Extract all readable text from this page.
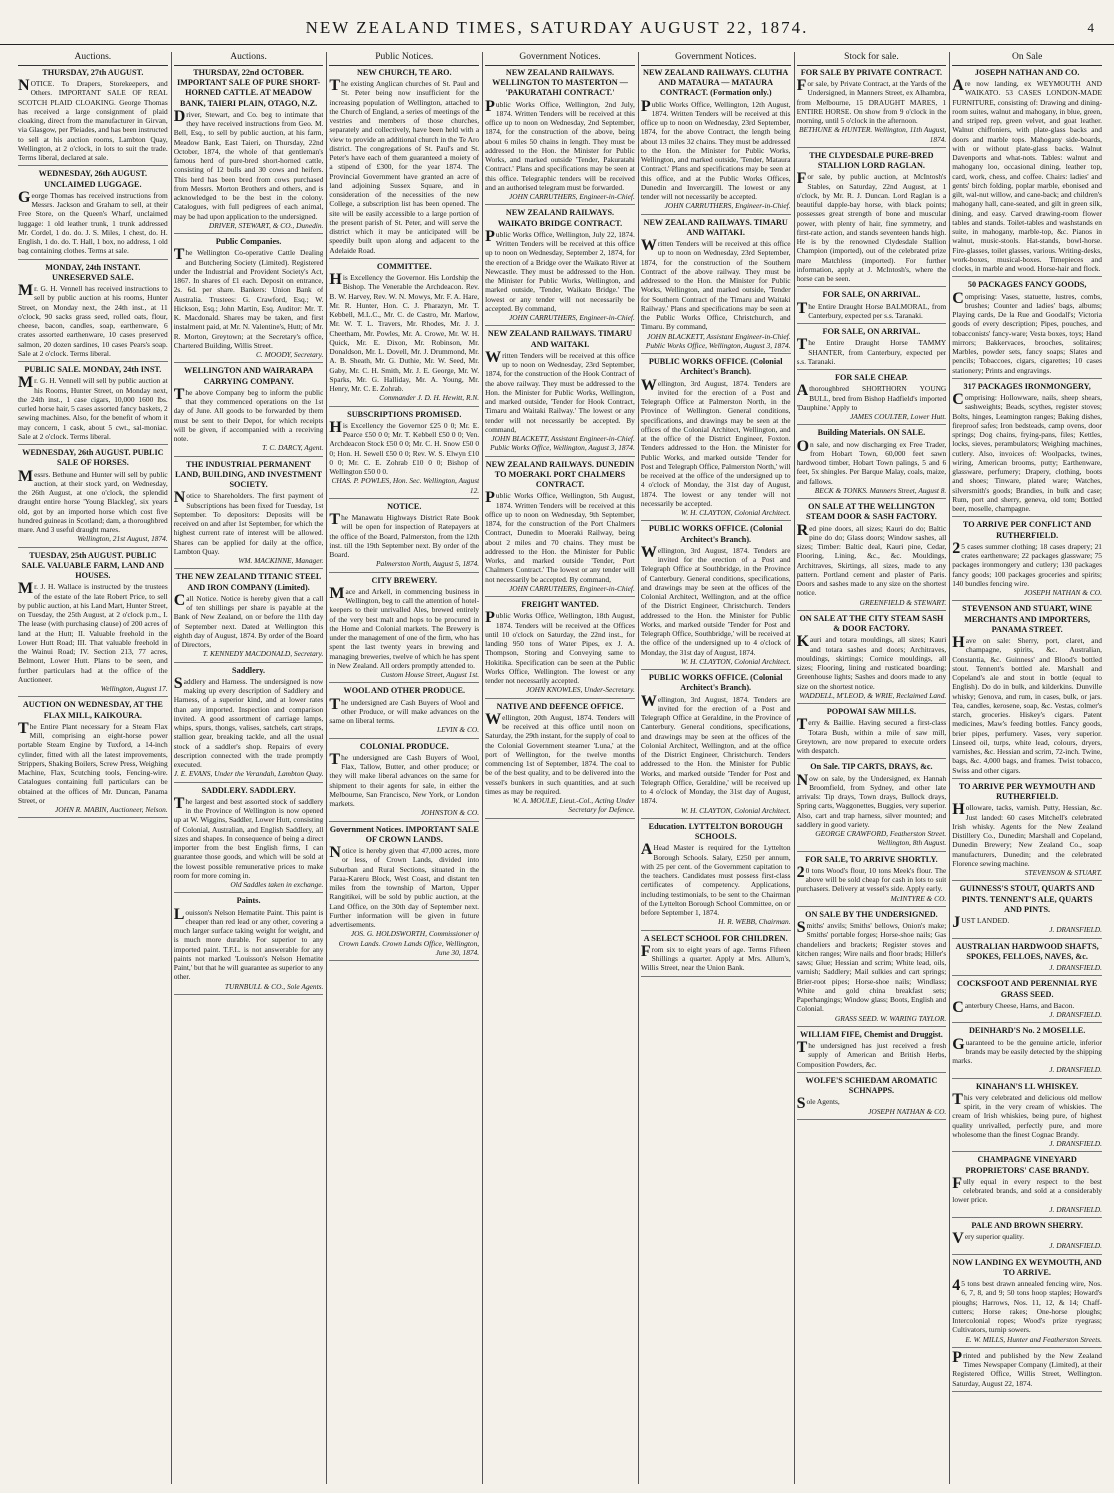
NEW ZEALAND TIMES, SATURDAY AUGUST 22, 1874.	4
Auctions.
THURSDAY, 27th AUGUST.
NOTICE. To Drapers, Storekeepers, and Others. IMPORTANT SALE OF REAL SCOTCH PLAID CLOAKING. George Thomas has received a large consignment of plaid cloaking, direct from the manufacturer in Girvan, via Glasgow, per Pleiades, and has been instructed to sell at his auction rooms, Lambton Quay, Wellington, at 2 o'clock, in lots to suit the trade. Terms liberal, declared at sale.
WEDNESDAY, 26th AUGUST. UNCLAIMED LUGGAGE.
George Thomas has received instructions from Messrs. Jackson and Graham to sell, at their Free Store, on the Queen's Wharf, unclaimed luggage: 1 old leather trunk, 1 trunk addressed Mr. Cordel, 1 do. do. J. S. Miles, 1 chest, do. H. English, 1 do. do. T. Hall, 1 box, no address, 1 old bag containing clothes. Terms at sale.
MONDAY, 24th INSTANT. UNRESERVED SALE.
Mr. G. H. Vennell has received instructions to sell by public auction at his rooms, Hunter Street, on Monday next, the 24th inst., at 11 o'clock, 90 sacks grass seed, rolled oats, flour, cheese, bacon, candles, soap, earthenware, 6 crates assorted earthenware, 10 cases preserved salmon, 20 dozen sardines, 10 cases Pears's soap. Sale at 2 o'clock. Terms liberal.
PUBLIC SALE. MONDAY, 24th INST.
Mr. G. H. Vennell will sell by public auction at his Rooms, Hunter Street, on Monday next, the 24th inst., 1 case cigars, 10,000 1600 lbs. curled horse hair, 5 cases assorted fancy baskets, 2 sewing machines. Also, for the benefit of whom it may concern, 1 cask, about 5 cwt., sal-moniac. Sale at 2 o'clock. Terms liberal.
WEDNESDAY, 26th AUGUST. PUBLIC SALE OF HORSES.
Messrs. Bethune and Hunter will sell by public auction, at their stock yard, on Wednesday, the 26th August, at one o'clock, the splendid draught entire horse 'Young Blackleg', six years old, got by an imported horse which cost five hundred guineas in Scotland; dam, a thoroughbred mare. And 3 useful draught mares.
Wellington, 21st August, 1874.
TUESDAY, 25th AUGUST. PUBLIC SALE. VALUABLE FARM, LAND AND HOUSES.
Mr. J. H. Wallace is instructed by the trustees of the estate of the late Robert Price, to sell by public auction, at his Land Mart, Hunter Street, on Tuesday, the 25th August, at 2 o'clock p.m., I. The lease (with purchasing clause) of 200 acres of land at the Hutt; II. Valuable freehold in the Lower Hutt Road; III. That valuable freehold in the Wainui Road; IV. Section 213, 77 acres, Belmont, Lower Hutt. Plans to be seen, and further particulars had at the office of the Auctioneer.
Wellington, August 17.
AUCTION ON WEDNESDAY, AT THE FLAX MILL, KAIKOURA.
The Entire Plant necessary for a Steam Flax Mill, comprising an eight-horse power portable Steam Engine by Tuxford, a 14-inch cylinder, fitted with all the latest improvements, Strippers, Shaking Boilers, Screw Press, Weighing Machine, Flax, Scutching tools, Fencing-wire. Catalogues containing full particulars can be obtained at the offices of Mr. Duncan, Panama Street, or
JOHN R. MABIN, Auctioneer, Nelson.
Auctions.
THURSDAY, 22nd OCTOBER. IMPORTANT SALE OF PURE SHORT-HORNED CATTLE. AT MEADOW BANK, TAIERI PLAIN, OTAGO, N.Z.
Driver, Stewart, and Co. beg to intimate that they have received instructions from Geo. M. Bell, Esq., to sell by public auction, at his farm, Meadow Bank, East Taieri, on Thursday, 22nd October, 1874, the whole of that gentleman's famous herd of pure-bred short-horned cattle, consisting of 12 bulls and 30 cows and heifers. This herd has been bred from cows purchased from Messrs. Morton Brothers and others, and is acknowledged to be the best in the colony. Catalogues, with full pedigrees of each animal, may be had upon application to the undersigned.
DRIVER, STEWART, & CO., Dunedin.
Public Companies.
The Wellington Co-operative Cattle Dealing and Butchering Society (Limited). Registered under the Industrial and Provident Society's Act, 1867. In shares of £1 each. Deposit on entrance, 2s. 6d. per share. Bankers: Union Bank of Australia. Trustees: G. Crawford, Esq.; W. Hickson, Esq.; John Martin, Esq. Auditor: Mr. T. K. Macdonald. Shares may be taken, and first instalment paid, at Mr. N. Valentine's, Hutt; of Mr. R. Morton, Greytown; at the Secretary's office, Chartered Building, Willis Street.
C. MOODY, Secretary.
WELLINGTON AND WAIRARAPA CARRYING COMPANY.
The above Company beg to inform the public that they commenced operations on the 1st day of June. All goods to be forwarded by them must be sent to their Depot, for which receipts will be given, if accompanied with a receiving note.
T. C. DARCY, Agent.
THE INDUSTRIAL PERMANENT LAND, BUILDING, AND INVESTMENT SOCIETY.
Notice to Shareholders. The first payment of Subscriptions has been fixed for Tuesday, 1st September. To depositors: Deposits will be received on and after 1st September, for which the highest current rate of interest will be allowed. Shares can be applied for daily at the office, Lambton Quay.
WM. MACKINNE, Manager.
THE NEW ZEALAND TITANIC STEEL AND IRON COMPANY (Limited).
Call Notice. Notice is hereby given that a call of ten shillings per share is payable at the Bank of New Zealand, on or before the 11th day of September next. Dated at Wellington this eighth day of August, 1874. By order of the Board of Directors,
T. KENNEDY MACDONALD, Secretary.
Saddlery.
Saddlery and Harness. The undersigned is now making up every description of Saddlery and Harness, of a superior kind, and at lower rates than any imported. Inspection and comparison invited. A good assortment of carriage lamps, whips, spurs, thongs, valises, satchels, cart straps, stallion gear, breaking tackle, and all the usual stock of a saddler's shop. Repairs of every description connected with the trade promptly executed.
J. E. EVANS, Under the Verandah, Lambton Quay.
SADDLERY. SADDLERY.
The largest and best assorted stock of saddlery in the Province of Wellington is now opened up at W. Wiggins, Saddler, Lower Hutt, consisting of Colonial, Australian, and English Saddlery, all sizes and shapes. In consequence of being a direct importer from the best English firms, I can guarantee those goods, and which will be sold at the lowest possible remunerative prices to make room for more coming in.
Old Saddles taken in exchange.
Paints.
Louisson's Nelson Hematite Paint. This paint is cheaper than red lead or any other, covering a much larger surface taking weight for weight, and is much more durable. For superior to any imported paint. T.F.L. is not answerable for any paints not marked 'Louisson's Nelson Hematite Paint,' but that he will guarantee as superior to any other.
TURNBULL & CO., Sole Agents.
Public Notices.
NEW CHURCH, TE ARO.
The existing Anglican churches of St. Paul and St. Peter being now insufficient for the increasing population of Wellington, attached to the Church of England, a series of meetings of the vestries and members of those churches, separately and collectively, have been held with a view to provide an additional church in the Te Aro district. The congregations of St. Paul's and St. Peter's have each of them guaranteed a moiety of a stipend of £300, for the year 1874. The Provincial Government have granted an acre of land adjoining Sussex Square, and in consideration of the necessities of the new College, a subscription list has been opened. The site will be easily accessible to a large portion of the present parish of St. Peter, and will serve the district which it may be anticipated will be speedily built upon along and adjacent to the Adelaide Road.
COMMITTEE.
His Excellency the Governor. His Lordship the Bishop. The Venerable the Archdeacon. Rev. B. W. Harvey, Rev. W. N. Mowys, Mr. F. A. Hare, Mr. R. Hunter, Hon. C. J. Pharazyn, Mr. T. Kebbell, M.L.C., Mr. C. de Castro, Mr. Marlow, Mr. W. T. L. Travers, Mr. Rhodes, Mr. J. J. Cheetham, Mr. Powles, Mr. A. Crowe, Mr. W. H. Quick, Mr. E. Dixon, Mr. Robinson, Mr. Donaldson, Mr. L. Dovell, Mr. J. Drummond, Mr. A. B. Sheath, Mr. G. Duthie, Mr. W. Seed, Mr. Gaby, Mr. C. H. Smith, Mr. J. E. George, Mr. W. Sparks, Mr. G. Halliday, Mr. A. Young, Mr. Henry, Mr. C. E. Zohrab.
Commander J. D. H. Hewitt, R.N.
SUBSCRIPTIONS PROMISED.
His Excellency the Governor £25 0 0; Mr. E. Pearce £50 0 0; Mr. T. Kebbell £50 0 0; Ven. Archdeacon Stock £50 0 0; Mr. C. H. Snow £50 0 0; Hon. H. Sewell £50 0 0; Rev. W. S. Elwyn £10 0 0; Mr. C. E. Zohrab £10 0 0; Bishop of Wellington £50 0 0.
CHAS. P. POWLES, Hon. Sec. Wellington, August 12.
NOTICE.
The Manawatu Highways District Rate Book will be open for inspection of Ratepayers at the office of the Board, Palmerston, from the 12th inst. till the 19th September next. By order of the Board.
Palmerston North, August 5, 1874.
CITY BREWERY.
Mace and Arkell, in commencing business in Wellington, beg to call the attention of hotel-keepers to their unrivalled Ales, brewed entirely of the very best malt and hops to be procured in the Home and Colonial markets. The Brewery is under the management of one of the firm, who has spent the last twenty years in brewing and managing breweries, twelve of which he has spent in New Zealand. All orders promptly attended to.
Custom House Street, August 1st.
WOOL AND OTHER PRODUCE.
The undersigned are Cash Buyers of Wool and other Produce, or will make advances on the same on liberal terms.
LEVIN & CO.
COLONIAL PRODUCE.
The undersigned are Cash Buyers of Wool, Flax, Tallow, Butter, and other produce; or they will make liberal advances on the same for shipment to their agents for sale, in either the Melbourne, San Francisco, New York, or London markets.
JOHNSTON & CO.
Government Notices. IMPORTANT SALE OF CROWN LANDS.
Notice is hereby given that 47,000 acres, more or less, of Crown Lands, divided into Suburban and Rural Sections, situated in the Paraa-Kareru Block, West Coast, and distant ten miles from the township of Marton, Upper Rangitikei, will be sold by public auction, at the Land Office, on the 30th day of September next. Further information will be given in future advertisements.
JOS. G. HOLDSWORTH, Commissioner of Crown Lands. Crown Lands Office, Wellington, June 30, 1874.
Government Notices.
NEW ZEALAND RAILWAYS. WELLINGTON TO MASTERTON — 'PAKURATAHI CONTRACT.'
Public Works Office, Wellington, 2nd July, 1874. Written Tenders will be received at this office up to noon on Wednesday, 2nd September, 1874, for the construction of the above, being about 6 miles 50 chains in length. They must be addressed to the Hon. the Minister for Public Works, and marked outside 'Tender, Pakuratahi Contract.' Plans and specifications may be seen at this office. Telegraphic tenders will be received and an authorised telegram must be forwarded.
JOHN CARRUTHERS, Engineer-in-Chief.
NEW ZEALAND RAILWAYS. WAIKATO BRIDGE CONTRACT.
Public Works Office, Wellington, July 22, 1874. Written Tenders will be received at this office up to noon on Wednesday, September 2, 1874, for the erection of a Bridge over the Waikato River at Newcastle. They must be addressed to the Hon. the Minister for Public Works, Wellington, and marked outside, 'Tender, Waikato Bridge.' The lowest or any tender will not necessarily be accepted. By command,
JOHN CARRUTHERS, Engineer-in-Chief.
NEW ZEALAND RAILWAYS. TIMARU AND WAITAKI.
Written Tenders will be received at this office up to noon on Wednesday, 23rd September, 1874, for the construction of the Hook Contract of the above railway. They must be addressed to the Hon. the Minister for Public Works, Wellington, and marked outside, 'Tender for Hook Contract, Timaru and Waitaki Railway.' The lowest or any tender will not necessarily be accepted. By command,
JOHN BLACKETT, Assistant Engineer-in-Chief. Public Works Office, Wellington, August 3, 1874.
NEW ZEALAND RAILWAYS. DUNEDIN TO MOERAKI. PORT CHALMERS CONTRACT.
Public Works Office, Wellington, 5th August, 1874. Written Tenders will be received at this office up to noon on Wednesday, 9th September, 1874, for the construction of the Port Chalmers Contract, Dunedin to Moeraki Railway, being about 2 miles and 70 chains. They must be addressed to the Hon. the Minister for Public Works, and marked outside 'Tender, Port Chalmers Contract.' The lowest or any tender will not necessarily be accepted. By command,
JOHN CARRUTHERS, Engineer-in-Chief.
FREIGHT WANTED.
Public Works Office, Wellington, 18th August, 1874. Tenders will be received at the Offices until 10 o'clock on Saturday, the 22nd inst., for landing 950 tons of Water Pipes, ex J. A. Thompson, Storing and Conveying same to Hokitika. Specification can be seen at the Public Works Office, Wellington. The lowest or any tender not necessarily accepted.
JOHN KNOWLES, Under-Secretary.
NATIVE AND DEFENCE OFFICE.
Wellington, 20th August, 1874. Tenders will be received at this office until noon on Saturday, the 29th instant, for the supply of coal to the Colonial Government steamer 'Luna,' at the port of Wellington, for the twelve months commencing 1st of September, 1874. The coal to be of the best quality, and to be delivered into the vessel's bunkers in such quantities, and at such times as may be required.
W. A. MOULE, Lieut.-Col., Acting Under Secretary for Defence.
Government Notices.
NEW ZEALAND RAILWAYS. CLUTHA AND MATAURA — MATAURA CONTRACT. (Formation only.)
Public Works Office, Wellington, 12th August, 1874. Written Tenders will be received at this office up to noon on Wednesday, 23rd September, 1874, for the above Contract, the length being about 13 miles 32 chains. They must be addressed to the Hon. the Minister for Public Works, Wellington, and marked outside, 'Tender, Mataura Contract.' Plans and specifications may be seen at this office, and at the Public Works Offices, Dunedin and Invercargill. The lowest or any tender will not necessarily be accepted.
JOHN CARRUTHERS, Engineer-in-Chief.
NEW ZEALAND RAILWAYS. TIMARU AND WAITAKI.
Written Tenders will be received at this office up to noon on Wednesday, 23rd September, 1874, for the construction of the Southern Contract of the above railway. They must be addressed to the Hon. the Minister for Public Works, Wellington, and marked outside, 'Tender for Southern Contract of the Timaru and Waitaki Railway.' Plans and specifications may be seen at the Public Works Office, Christchurch, and Timaru. By command,
JOHN BLACKETT, Assistant Engineer-in-Chief. Public Works Office, Wellington, August 3, 1874.
PUBLIC WORKS OFFICE. (Colonial Architect's Branch).
Wellington, 3rd August, 1874. Tenders are invited for the erection of a Post and Telegraph Office at Palmerston North, in the Province of Wellington. General conditions, specifications, and drawings may be seen at the offices of the Colonial Architect, Wellington, and at the office of the District Engineer, Foxton. Tenders addressed to the Hon. the Minister for Public Works, and marked outside 'Tender for Post and Telegraph Office, Palmerston North,' will be received at the office of the undersigned up to 4 o'clock of Monday, the 31st day of August, 1874. The lowest or any tender will not necessarily be accepted.
W. H. CLAYTON, Colonial Architect.
PUBLIC WORKS OFFICE. (Colonial Architect's Branch).
Wellington, 3rd August, 1874. Tenders are invited for the erection of a Post and Telegraph Office at Southbridge, in the Province of Canterbury. General conditions, specifications, and drawings may be seen at the offices of the Colonial Architect, Wellington, and at the office of the District Engineer, Christchurch. Tenders addressed to the Hon. the Minister for Public Works, and marked outside 'Tender for Post and Telegraph Office, Southbridge,' will be received at the office of the undersigned up to 4 o'clock of Monday, the 31st day of August, 1874.
W. H. CLAYTON, Colonial Architect.
PUBLIC WORKS OFFICE. (Colonial Architect's Branch).
Wellington, 3rd August, 1874. Tenders are invited for the erection of a Post and Telegraph Office at Geraldine, in the Province of Canterbury. General conditions, specifications, and drawings may be seen at the offices of the Colonial Architect, Wellington, and at the office of the District Engineer, Christchurch. Tenders addressed to the Hon. the Minister for Public Works, and marked outside 'Tender for Post and Telegraph Office, Geraldine,' will be received up to 4 o'clock of Monday, the 31st day of August, 1874.
W. H. CLAYTON, Colonial Architect.
Education. LYTTELTON BOROUGH SCHOOLS.
AHead Master is required for the Lyttelton Borough Schools. Salary, £250 per annum, with 25 per cent. of the Government capitation to the teachers. Candidates must possess first-class certificates of competency. Applications, including testimonials, to be sent to the Chairman of the Lyttelton Borough School Committee, on or before September 1, 1874.
H. R. WEBB, Chairman.
A SELECT SCHOOL FOR CHILDREN.
From six to eight years of age. Terms Fifteen Shillings a quarter. Apply at Mrs. Allum's, Willis Street, near the Union Bank.
Stock for sale.
FOR SALE BY PRIVATE CONTRACT.
For sale, by Private Contract, at the Yards of the Undersigned, in Manners Street, ex Alhambra, from Melbourne, 15 DRAUGHT MARES, 1 ENTIRE HORSE. On show from 9 o'clock in the morning, until 5 o'clock in the afternoon.
BETHUNE & HUNTER. Wellington, 11th August, 1874.
THE CLYDESDALE PURE-BRED STALLION LORD RAGLAN.
For sale, by public auction, at McIntosh's Stables, on Saturday, 22nd August, at 1 o'clock, by Mr. R. J. Duncan. Lord Raglan is a beautiful dapple-bay horse, with black points; possesses great strength of bone and muscular power, with plenty of hair, fine symmetry, and first-rate action, and stands seventeen hands high. He is by the renowned Clydesdale Stallion Champion (imported), out of the celebrated prize mare Matchless (imported). For further information, apply at J. McIntosh's, where the horse can be seen.
FOR SALE, ON ARRIVAL.
The Entire Draught Horse BALMORAL, from Canterbury, expected per s.s. Taranaki.
FOR SALE, ON ARRIVAL.
The Entire Draught Horse TAMMY SHANTER, from Canterbury, expected per s.s. Taranaki.
FOR SALE CHEAP.
Athoroughbred SHORTHORN YOUNG BULL, bred from Bishop Hadfield's imported 'Dauphine.' Apply to
JAMES COULTER, Lower Hutt.
Building Materials. ON SALE.
On sale, and now discharging ex Free Trader, from Hobart Town, 60,000 feet sawn hardwood timber, Hobart Town palings, 5 and 6 feet, 5x shingles. Per Barque Malay, coals, maize, and fallows.
BECK & TONKS. Manners Street, August 8.
ON SALE AT THE WELLINGTON STEAM DOOR & SASH FACTORY.
Red pine doors, all sizes; Kauri do do; Baltic pine do do; Glass doors; Window sashes, all sizes; Timber: Baltic deal, Kauri pine, Cedar, Flooring, Lining, &c., &c. Mouldings, Architraves, Skirtings, all sizes, made to any pattern. Portland cement and plaster of Paris. Doors and sashes made to any size on the shortest notice.
GREENFIELD & STEWART.
ON SALE AT THE CITY STEAM SASH & DOOR FACTORY.
Kauri and totara mouldings, all sizes; Kauri and totara sashes and doors; Architraves, mouldings, skirtings; Cornice mouldings, all sizes; Flooring, lining and rusticated boarding; Greenhouse lights; Sashes and doors made to any size on the shortest notice.
WADDELL, M'LEOD, & WRIE, Reclaimed Land.
POPOWAI SAW MILLS.
Terry & Baillie. Having secured a first-class Totara Bush, within a mile of saw mill, Greytown, are now prepared to execute orders with despatch.
On Sale. TIP CARTS, DRAYS, &c.
Now on sale, by the Undersigned, ex Hannah Broomfield, from Sydney, and other late arrivals: Tip drays, Town drays, Bullock drays, Spring carts, Waggonettes, Buggies, very superior. Also, cart and trap harness, silver mounted; and saddlery in good variety.
GEORGE CRAWFORD, Featherston Street. Wellington, 8th August.
FOR SALE, TO ARRIVE SHORTLY.
20 tons Wood's flour, 10 tons Meek's flour. The above will be sold cheap for cash in lots to suit purchasers. Delivery at vessel's side. Apply early.
McINTYRE & CO.
ON SALE BY THE UNDERSIGNED.
Smiths' anvils; Smiths' bellows, Onion's make; Smiths' portable forges; Horse-shoe nails; Gas chandeliers and brackets; Register stoves and kitchen ranges; Wire nails and floor brads; Hiller's saws; Glue; Hessian and scrim; White lead, oils, varnish; Saddlery; Mail sulkies and cart springs; Brier-root pipes; Horse-shoe nails; Windlass; White and gold china breakfast sets; Paperhangings; Window glass; Boots, English and Colonial.
GRASS SEED. W. WARING TAYLOR.
WILLIAM FIFE, Chemist and Druggist.
The undersigned has just received a fresh supply of American and British Herbs, Composition Powders, &c.
WOLFE'S SCHIEDAM AROMATIC SCHNAPPS.
Sole Agents,
JOSEPH NATHAN & CO.
On Sale
JOSEPH NATHAN AND CO.
Are now landing, ex WEYMOUTH AND WAIKATO. 53 CASES LONDON-MADE FURNITURE, consisting of: Drawing and dining-room suites, walnut and mahogany, in blue, green, and striped rep, green velvet, and goat leather. Walnut chiffoniers, with plate-glass backs and doors and marble tops. Mahogany side-boards, with or without plate-glass backs. Walnut Davenports and what-nots. Tables: walnut and mahogany loo, occasional dining, leather top, card, work, chess, and coffee. Chairs: ladies' and gents' birch folding, poplar marble, ebonised and gilt, wal-nut willow, and cane-back; and children's mahogany hall, cane-seated, and gilt in green silk, dining, and easy. Carved drawing-room flower tables and stands. Toilet-tables and washstands en suite, in mahogany, marble-top, &c. Pianos in walnut, music-stools. Hat-stands, bowl-horse. Fire-glasses, toilet glasses, various. Writing-desks, work-boxes, musical-boxes. Timepieces and clocks, in marble and wood. Horse-hair and flock.
50 PACKAGES FANCY GOODS,
Comprising: Vases, statuette, lustres, combs, brushes; Counter and ladies' bags, albums; Playing cards, De la Rue and Goodall's; Victoria goods of every description; Pipes, pouches, and tobacconists' fancy-ware; Vesta boxes, toys; Hand mirrors; Bakkervaces, brooches, solitaires; Marbles, powder sets, fancy soaps; Slates and pencils; Tobaccoes, cigars, cigarettes; 10 cases stationery; Prints and engravings.
317 PACKAGES IRONMONGERY,
Comprising: Hollowware, nails, sheep shears, sashweights; Beads, scythes, register stoves; Bolts, hinges, Leamington ranges; Baking dishes, fireproof safes; Iron bedsteads, camp ovens, door springs; Dog chains, frying-pans, files; Kettles, locks, sieves, perambulators; Weighing machines, cutlery. Also, invoices of: Woolpacks, twines, wiring, American brooms, putty; Earthenware, glassware, perfumery; Drapery, clothing, boots and shoes; Tinware, plated ware; Watches, silversmith's goods; Brandies, in bulk and case; Rum, port and sherry, geneva, old tom; Bottled beer, moselle, champagne.
TO ARRIVE PER CONFLICT AND RUTHERFIELD.
25 cases summer clothing; 18 cases drapery; 21 crates earthenware; 22 packages glassware; 75 packages ironmongery and cutlery; 130 packages fancy goods; 100 packages groceries and spirits; 140 bundles fencing wire.
JOSEPH NATHAN & CO.
STEVENSON AND STUART, WINE MERCHANTS AND IMPORTERS, PANAMA STREET.
Have on sale: Sherry, port, claret, and champagne, spirits, &c. Australian, Constantia, &c. Guinness' and Blood's bottled stout. Tennent's bottled ale. Marshall and Copeland's ale and stout in bottle (equal to English). Do do in bulk, and kilderkins. Dunville whisky; Genova, and rum, in cases, bulk, or jars. Tea, candles, kerosene, soap, &c. Vestas, colmer's starch, groceries. Hiskey's cigars. Patent medicines, Maw's feeding bottles. Fancy goods, brier pipes, perfumery. Vases, very superior. Linseed oil, turps, white lead, colours, dryers, varnishes, &c. Hessian and scrim, 72-inch. Twine, bags, &c. 4,000 bags, and frames. Twist tobacco, Swiss and other cigars.
TO ARRIVE PER WEYMOUTH AND RUTHERFIELD.
Holloware, tacks, varnish. Putty, Hessian, &c. Just landed: 60 cases Mitchell's celebrated Irish whisky. Agents for the New Zealand Distillery Co., Dunedin; Marshall and Copeland, Dunedin Brewery; New Zealand Co., soap manufacturers, Dunedin; and the celebrated Florence sewing machine.
STEVENSON & STUART.
GUINNESS'S STOUT, QUARTS AND PINTS. TENNENT'S ALE, QUARTS AND PINTS.
JUST LANDED.
J. DRANSFIELD.
AUSTRALIAN HARDWOOD SHAFTS, SPOKES, FELLOES, NAVES, &c.
J. DRANSFIELD.
COCKSFOOT AND PERENNIAL RYE GRASS SEED.
Canterbury Cheese, Hams, and Bacon.
J. DRANSFIELD.
DEINHARD'S No. 2 MOSELLE.
Guaranteed to be the genuine article, inferior brands may be easily detected by the shipping marks.
J. DRANSFIELD.
KINAHAN'S LL WHISKEY.
This very celebrated and delicious old mellow spirit, in the very cream of whiskies. The cream of Irish whiskies, being pure, of highest quality unrivalled, perfectly pure, and more wholesome than the finest Cognac Brandy.
J. DRANSFIELD.
CHAMPAGNE VINEYARD PROPRIETORS' CASE BRANDY.
Fully equal in every respect to the best celebrated brands, and sold at a considerably lower price.
J. DRANSFIELD.
PALE AND BROWN SHERRY.
Very superior quality.
J. DRANSFIELD.
NOW LANDING EX WEYMOUTH, AND TO ARRIVE.
45 tons best drawn annealed fencing wire, Nos. 6, 7, 8, and 9; 50 tons hoop staples; Howard's pioughs; Harrows, Nos. 11, 12, & 14; Chaff-cutters; Horse rakes; One-horse ploughs; Intercolonial ropes; Wood's prize ryegrass; Cultivators, turnip sowers.
E. W. MILLS, Hunter and Featherston Streets.
Printed and published by the New Zealand Times Newspaper Company (Limited), at their Registered Office, Willis Street, Wellington. Saturday, August 22, 1874.
